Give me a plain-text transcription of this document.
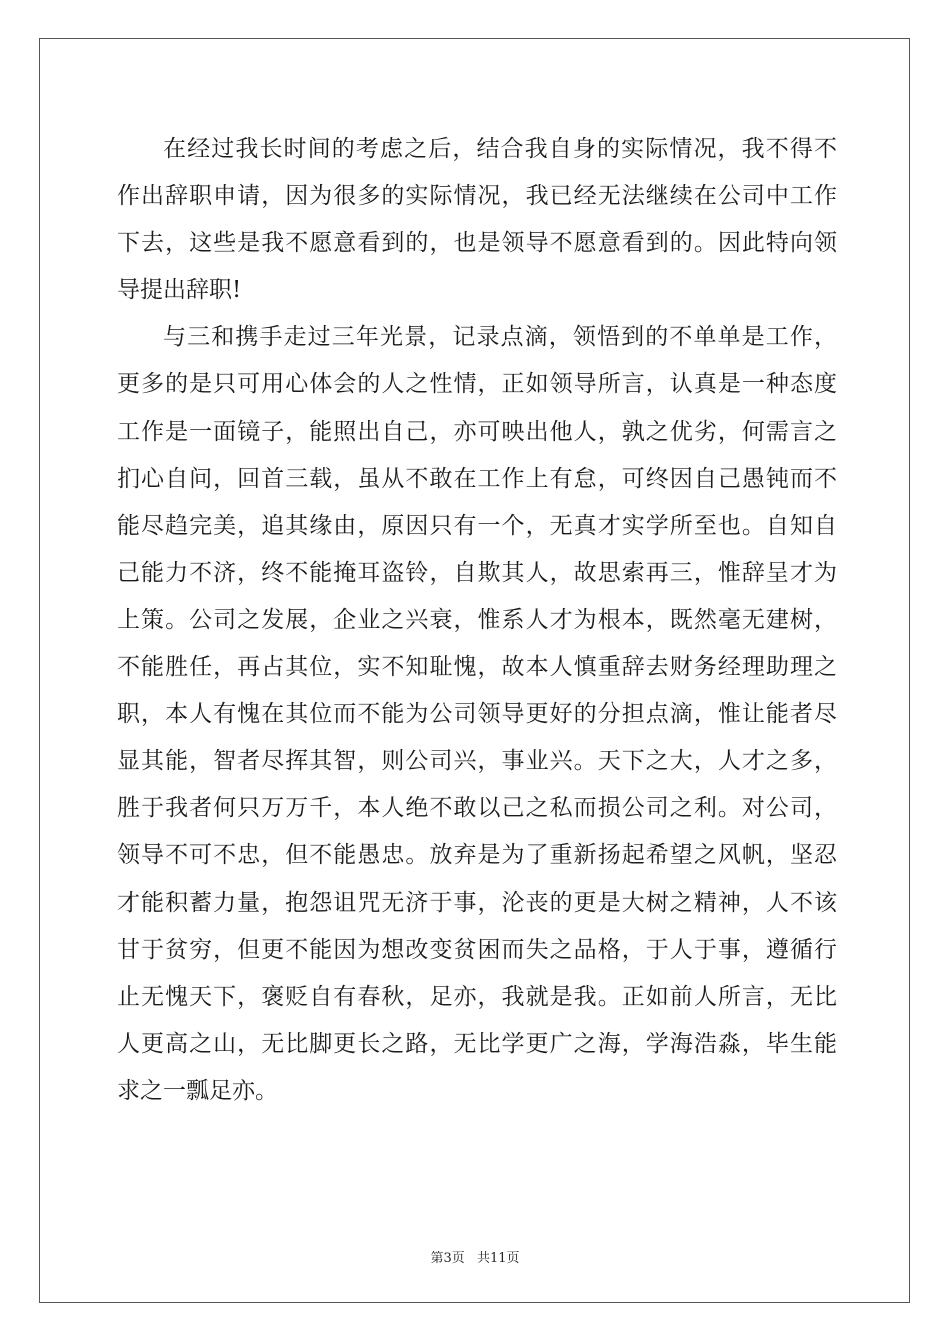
在经过我长时间的考虑之后，结合我自身的实际情况，我不得不
作出辞职申请，因为很多的实际情况，我已经无法继续在公司中工作
下去，这些是我不愿意看到的，也是领导不愿意看到的。因此特向领
导提出辞职!
与三和携手走过三年光景，记录点滴，领悟到的不单单是工作，
更多的是只可用心体会的人之性情，正如领导所言，认真是一种态度
工作是一面镜子，能照出自己，亦可映出他人，孰之优劣，何需言之
扪心自问，回首三载，虽从不敢在工作上有怠，可终因自己愚钝而不
能尽趋完美，追其缘由，原因只有一个，无真才实学所至也。自知自
己能力不济，终不能掩耳盗铃，自欺其人，故思索再三，惟辞呈才为
上策。公司之发展，企业之兴衰，惟系人才为根本，既然毫无建树，
不能胜任，再占其位，实不知耻愧，故本人慎重辞去财务经理助理之
职，本人有愧在其位而不能为公司领导更好的分担点滴，惟让能者尽
显其能，智者尽挥其智，则公司兴，事业兴。天下之大，人才之多，
胜于我者何只万万千，本人绝不敢以己之私而损公司之利。对公司，
领导不可不忠，但不能愚忠。放弃是为了重新扬起希望之风帆，坚忍
才能积蓄力量，抱怨诅咒无济于事，沦丧的更是大树之精神，人不该
甘于贫穷，但更不能因为想改变贫困而失之品格，于人于事，遵循行
止无愧天下，褒贬自有春秋，足亦，我就是我。正如前人所言，无比
人更高之山，无比脚更长之路，无比学更广之海，学海浩淼，毕生能
求之一瓢足亦。
第3页 共11页
